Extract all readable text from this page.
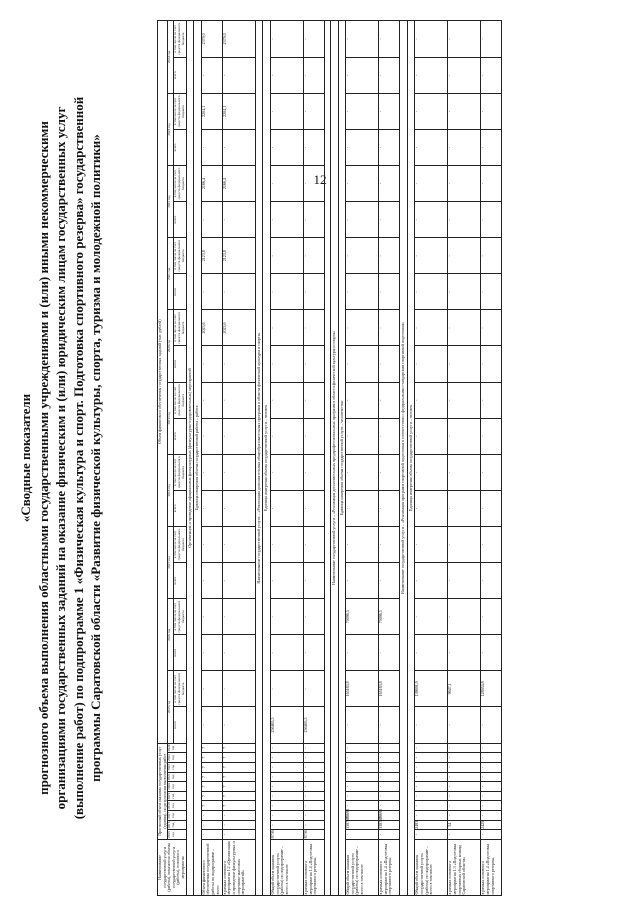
12
«Сводные показатели прогнозного объема выполнения областными государственными учреждениями и (или) иными некоммерческими организациями государственных заданий на оказание физическим и (или) юридическим лицам государственных услуг (выполнение работ) по подпрограмме 1 «Физическая культура и спорт. Подготовка спортивного резерва» государственной программы Саратовской области «Развитие физической культуры, спорта, туризма и молодежной политики»
Наименование государственной услуги (работы), показателя объема государственной услуги (работы), основного мероприятия	Прогнозный объем оказания государственных услуг (единиц), по результатам выполнения работ										Объем финансового обеспечения государственных заданий (тыс. рублей)																			
	2015 год	2016 год	2017 год	2018 год	2019 год	2020 год	2021 год	2022 год	2023 год	2024 год	2015 год		2016 год		2017 год		2018 год		2019 год		2020 год		2021 год		2022 год		2023 год		2024 год	
											всего	в том числе за счет средств федерального бюджета	всего	в том числе за счет средств федерального бюджета	всего	в том числе за счет средств федерального бюджета	всего	в том числе за счет средств федерального бюджета	всего	в том числе за счет средств федерального бюджета	всего	в том числе за счет средств федерального бюджета	всего	в том числе за счет средств федерального бюджета	всего	в том числе за счет средств федерального бюджета	всего	в том числе за счет средств федерального бюджета	всего	в том числе за счет средств федерального бюджета
Организация и проведение официальных физкультурных (физкультурно-оздоровительных) мероприятий																														
Единица измерения объема государственной работы – работа																														
Объем финансового обеспечения государственной работы по подпрограмме – всего	-	-	-	7	7	7	7	7	7	7	-	-	-	-	-	-	-	-	-	-	-	2023,6	-	2123,8	-	2166,4	-	2204,1	-	2379,0
в рамках основного мероприятия 1.2 «Организация и проведение физкультурных и спортивно-массовых мероприятий»	-	-	-	7	7	7	7	7	7	7	-	-	-	-	-	-	-	-	-	-	-	2023,6	-	2123,8	-	2166,4	-	2204,1	-	2379,0
Наименование государственной услуги – «Реализация дополнительных общеобразовательных программ в области физической культуры и спорта»																														
Единица измерения объема государственной услуги – человек																														
Общий объем оказания государственной услуги (работы) по подпрограмме – всего в том числе:	8736	-	-	-	-	-	-	-	-	-	256465,5	-	-	-	-	-	-	-	-	-	-	-	-	-	-	-	-	-	-	-
в рамках основного мероприятия 1.4 «Подготовка спортивного резерва»	8736	-	-	-	-	-	-	-	-	-	256465,5	-	-	-	-	-	-	-	-	-	-	-	-	-	-	-	-	-	-	-

Наименование государственной услуги – «Реализация дополнительных предпрофессиональных программ в области физической культуры и спорта»																														
Единица измерения объема государственной услуги – человеко-час																														
Общий объем оказания государственной услуги (работы) по подпрограмме – всего в том числе:	-	338760	78698	-	-	-	-	-	-	-	-	165183,8	-	70096,5	-	-	-	-	-	-	-	-	-	-	-	-	-	-	-	-
в рамках основного мероприятия 1.4 «Подготовка спортивного резерва»	-	338760	78698	-	-	-	-	-	-	-	-	165183,8	-	70096,5	-	-	-	-	-	-	-	-	-	-	-	-	-	-	-	-
Наименование государственной услуги – «Реализация программ спортивной подготовки в соответствии с федеральными стандартами спортивной подготовки»																														
Единица измерения объема государственной услуги – человек																														
Общий объем оказания государственной услуги (работы) по подпрограмме – всего в том числе:	-	2483	-	-	-	-	-	-	-	-	-	138691,9	-	-	-	-	-	-	-	-	-	-	-	-	-	-	-	-	-	-
в рамках основного мероприятия 1.3 «Подготовка спортивных сборных команд Саратовской области»	-	34	-	-	-	-	-	-	-	-	-	9647,1	-	-	-	-	-	-	-	-	-	-	-	-	-	-	-	-	-	-
в рамках основного мероприятия 1.4 «Подготовка спортивного резерва»	-	2429	-	-	-	-	-	-	-	-	-	128954,8	-	-	-	-	-	-	-	-	-	-	-	-	-	-	-	-	-	-
